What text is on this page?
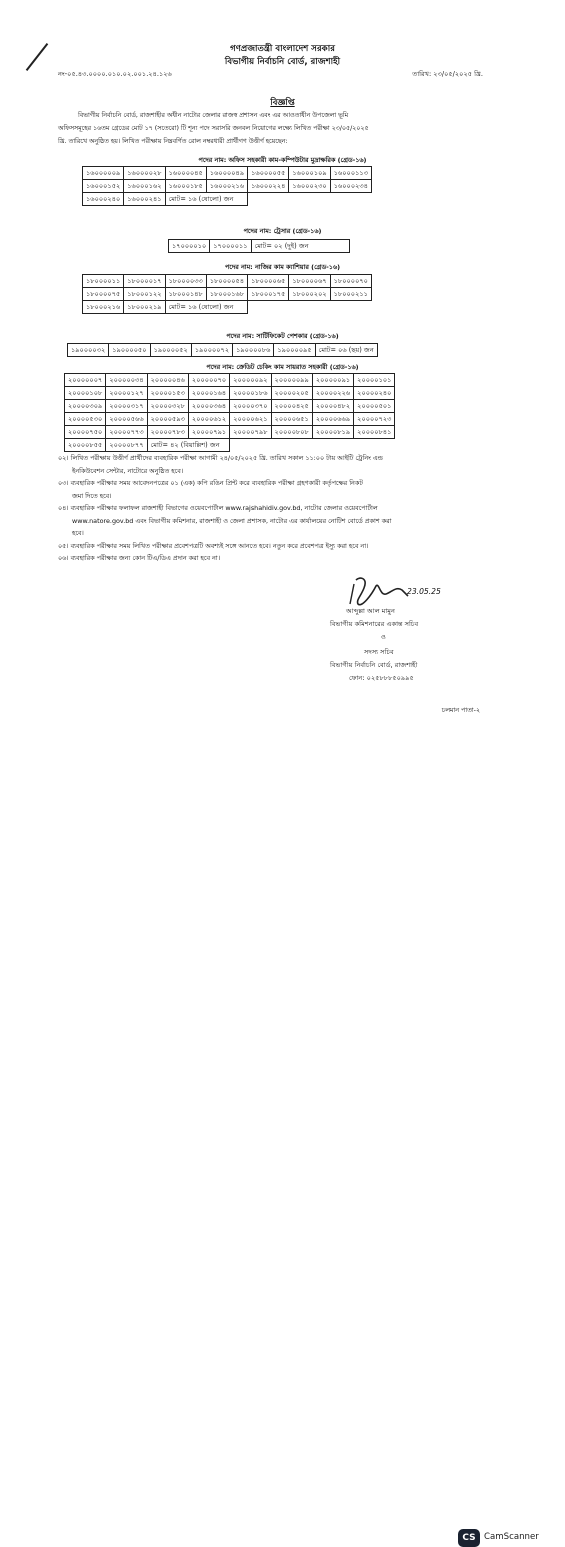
গণপ্রজাতন্ত্রী বাংলাদেশ সরকার
বিভাগীয় নির্বাচনি বোর্ড, রাজশাহী
নং-০৫.৪৩.০০০০.০১০.০২.০০১.২৪.১২৬	তারিখ: ২৩/০৫/২০২৫ খ্রি.
বিজ্ঞপ্তি
বিভাগীয় নির্বাচনি বোর্ড, রাজশাহীর অধীন নাটোর জেলার রাজস্ব প্রশাসন এবং এর আওতাধীন উপজেলা ভূমি
অফিসসমূহের ১৬তম গ্রেডের মোট ১৭ (সতেরো) টি শূন্য পদে সরাসরি জনবল নিয়োগের লক্ষ্যে লিখিত পরীক্ষা ২৩/০৫/২০২৫
খ্রি. তারিখে অনুষ্ঠিত হয়। লিখিত পরীক্ষায় নিম্নবর্ণিত রোল নম্বরধারী প্রার্থীগণ উত্তীর্ণ হয়েছেন:
পদের নাম: অফিস সহকারী কাম-কম্পিউটার মুদ্রাক্ষরিক (গ্রেড-১৬)
১৬০০০০০৯	১৬০০০০২৮	১৬০০০০৪৫	১৬০০০০৪৯	১৬০০০০৫৫	১৬০০০১০৯	১৬০০০১১৩
১৬০০০১৫২	১৬০০০১৬২	১৬০০০১৮৫	১৬০০০২১৬	১৬০০০২২৪	১৬০০০২৩০	১৬০০০২৩৪
১৬০০০২৪০	১৬০০০২৪১	মোট= ১৬ (ষোলো) জন				
পদের নাম: ট্রেসার (গ্রেড-১৬)
১৭০০০০১০	১৭০০০০১১	মোট= ০২ (দুই) জন
পদের নাম: নাজির কাম ক্যাশিয়ার (গ্রেড-১৬)
১৮০০০০১১	১৮০০০০১৭	১৮০০০০৩৩	১৮০০০০৫৪	১৮০০০০৬৫	১৮০০০০৬৭	১৮০০০০৭০
১৮০০০০৭৫	১৮০০০১২২	১৮০০০১৪৮	১৮০০০১৬৮	১৮০০০১৭৫	১৮০০০২০২	১৮০০০২১১
১৮০০০২১৬	১৮০০০২১৯	মোট= ১৬ (ষোলো) জন				
পদের নাম: সার্টিফিকেট পেশকার (গ্রেড-১৬)
১৯০০০০৩২	১৯০০০০৫০	১৯০০০০৫২	১৯০০০০৭২	১৯০০০০৮৬	১৯০০০০৯৫	মোট= ০৬ (ছয়) জন
পদের নাম: ক্রেডিট চেকিং কাম সায়রাত সহকারী (গ্রেড-১৬)
২০০০০০০৭	২০০০০০৩৪	২০০০০০৪৬	২০০০০০৭০	২০০০০০৯২	২০০০০০৯৯	২০০০০০৯১	২০০০০১০১
২০০০০১০৮	২০০০০১২৭	২০০০০১৫৩	২০০০০১৬৪	২০০০০১৮৬	২০০০০২০৫	২০০০০২২৬	২০০০০২৪০
২০০০০৩০৯	২০০০০৩১৭	২০০০০৩২৮	২০০০০৩৬৪	২০০০০৩৭০	২০০০০৪২৫	২০০০০৪৮২	২০০০০৫০১
২০০০০৫৩০	২০০০০৫৬৬	২০০০০৫৯৩	২০০০০৬১২	২০০০০৬২১	২০০০০৬৫১	২০০০০৬৬৯	২০০০০৭২৩
২০০০০৭৫০	২০০০০৭৭৩	২০০০০৭৮৩	২০০০০৭৯১	২০০০০৭৯৮	২০০০০৮০৮	২০০০০৮১৯	২০০০০৮৪১
২০০০০৮৫৫	২০০০০৮৭৭	মোট= ৪২ (বিয়াল্লিশ) জন					

০২। লিখিত পরীক্ষায় উত্তীর্ণ প্রার্থীদের ব্যবহারিক পরীক্ষা আগামী ২৪/০৫/২০২৫ খ্রি. তারিখ সকাল ১১:০০ টায় আইটি ট্রেনিং এন্ড

ইনকিউবেশন সেন্টার, নাটোরে অনুষ্ঠিত হবে।

০৩। ব্যবহারিক পরীক্ষার সময় আবেদনপত্রের ০১ (এক) কপি রঙিন প্রিন্ট করে ব্যবহারিক পরীক্ষা গ্রহণকারী কর্তৃপক্ষের নিকট

জমা দিতে হবে।

০৪। ব্যবহারিক পরীক্ষার ফলাফল রাজশাহী বিভাগের ওয়েবপোর্টাল www.rajshahidiv.gov.bd, নাটোর জেলার ওয়েবপোর্টাল

www.natore.gov.bd এবং বিভাগীয় কমিশনার, রাজশাহী ও জেলা প্রশাসক, নাটোর এর কার্যালয়ের নোটিশ বোর্ডে প্রকাশ করা

হবে।

০৫। ব্যবহারিক পরীক্ষার সময় লিখিত পরীক্ষার প্রবেশপত্রটি অবশ্যই সঙ্গে আনতে হবে। নতুন করে প্রবেশপত্র ইস্যু করা হবে না।

০৬। ব্যবহারিক পরীক্ষার জন্য কোন টিএ/ডিএ প্রদান করা হবে না।

23.05.25
আব্দুল্লা আল মামুন
বিভাগীয় কমিশনারের একান্ত সচিব
ও
সদস্য সচিব
বিভাগীয় নির্বাচনি বোর্ড, রাজশাহী
ফোন: ০২৫৮৮৮৫০৯৯৫
চলমান পাতা-২
CS CamScanner
